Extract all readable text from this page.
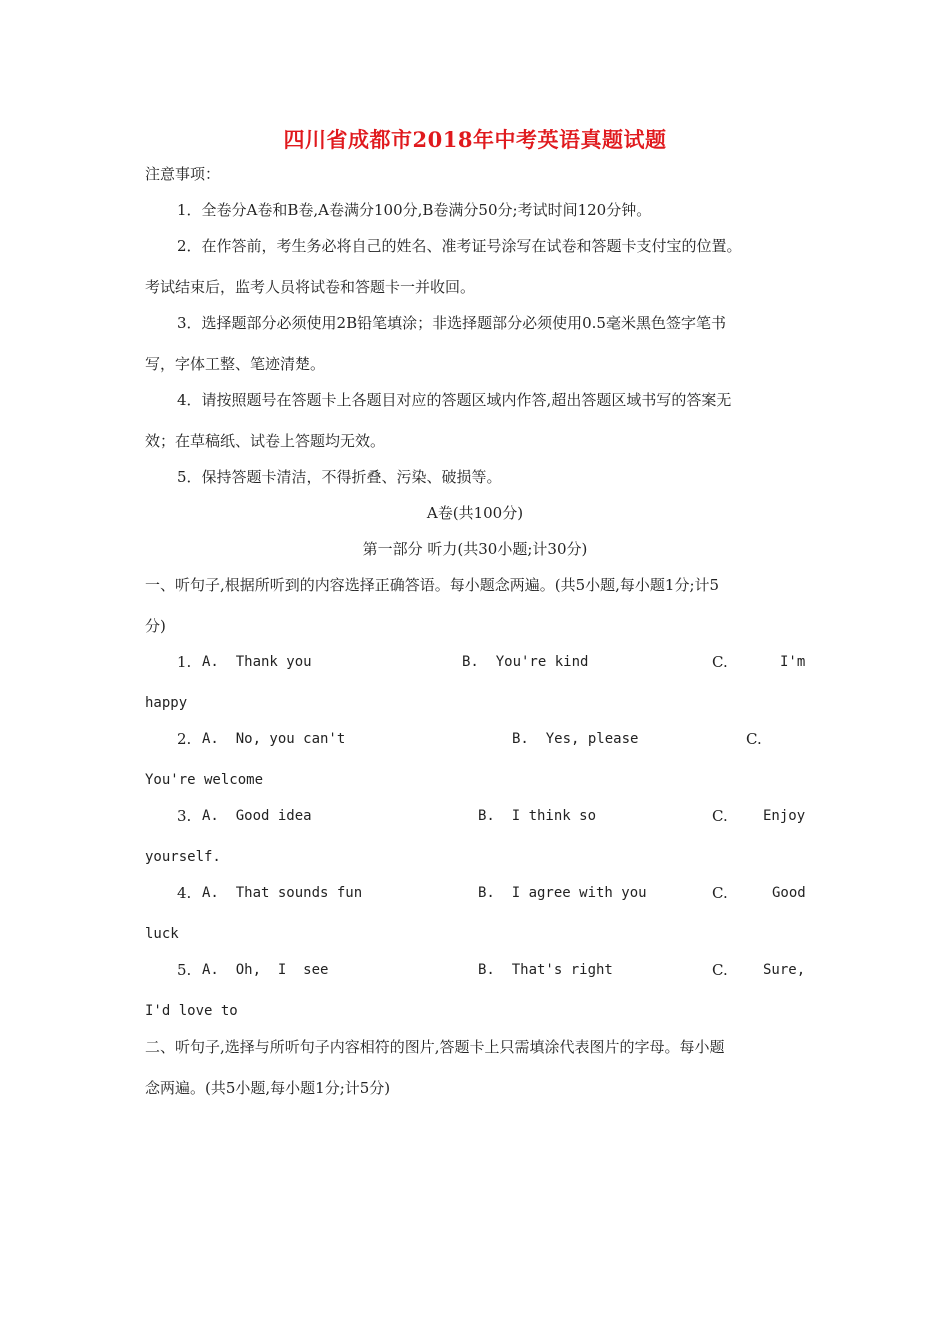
四川省成都市2018年中考英语真题试题
注意事项：
1．全卷分A卷和B卷,A卷满分100分,B卷满分50分;考试时间120分钟。
2．在作答前，考生务必将自己的姓名、准考证号涂写在试卷和答题卡支付宝的位置。
考试结束后，监考人员将试卷和答题卡一并收回。
3．选择题部分必须使用2B铅笔填涂；非选择题部分必须使用0.5毫米黑色签字笔书
写，字体工整、笔迹清楚。
4．请按照题号在答题卡上各题目对应的答题区域内作答,超出答题区域书写的答案无
效；在草稿纸、试卷上答题均无效。
5．保持答题卡清洁，不得折叠、污染、破损等。
A卷(共100分)
第一部分 听力(共30小题;计30分)
一、听句子,根据所听到的内容选择正确答语。每小题念两遍。(共5小题,每小题1分;计5
分)
1. A.  Thank you	B.  You're kind	C.	I'm
happy
2. A.  No, you can't	B.  Yes, please	C.
You're welcome
3. A.  Good idea	B.  I think so	C.	Enjoy
yourself.
4. A.  That sounds fun	B.  I agree with you	C.	Good
luck
5. A.  Oh,  I  see	B.  That's right	C.	Sure,
I'd love to
二、听句子,选择与所听句子内容相符的图片,答题卡上只需填涂代表图片的字母。每小题
念两遍。(共5小题,每小题1分;计5分)
